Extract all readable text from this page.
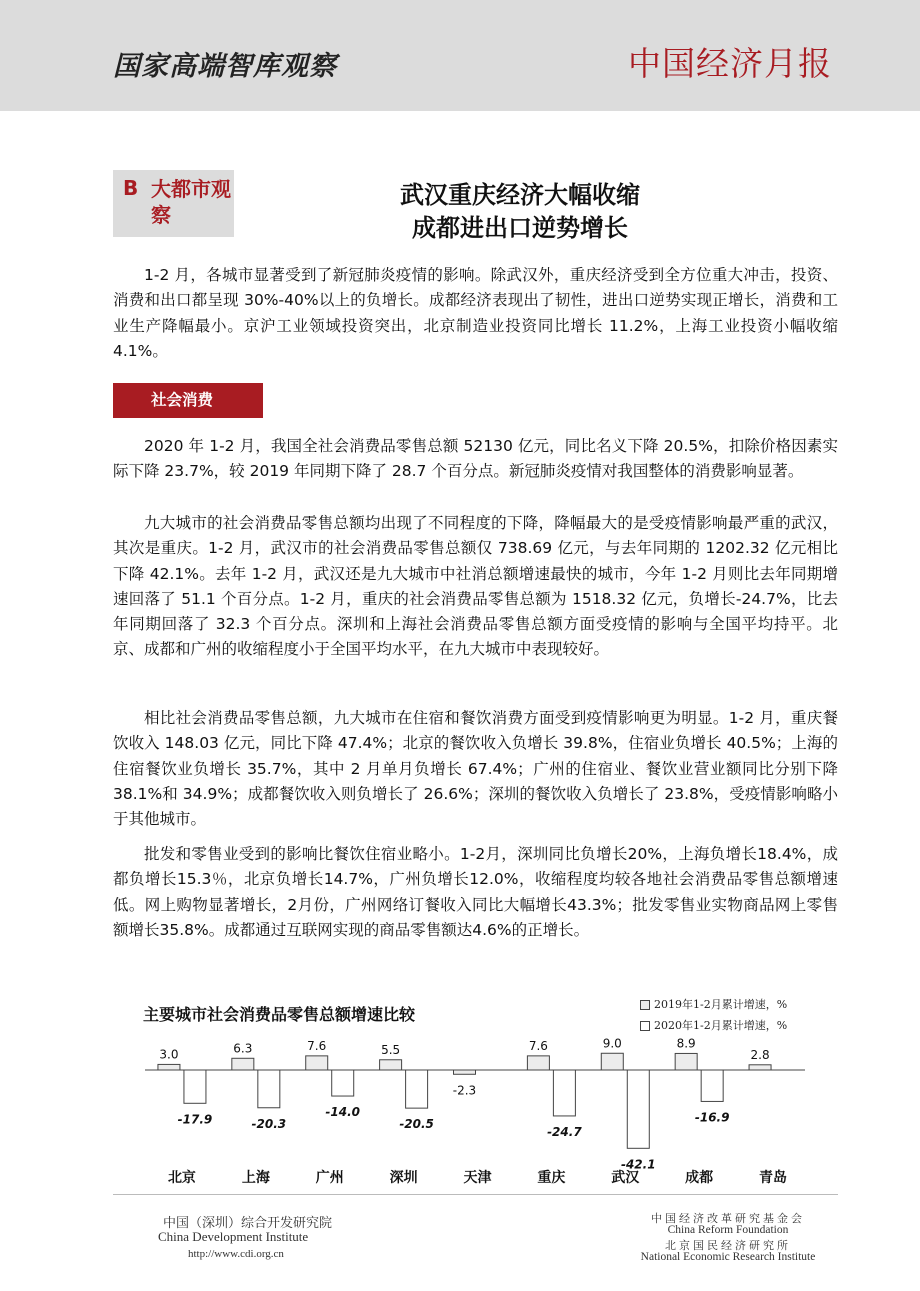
国家高端智库观察	中国经济月报
B 大都市观察
武汉重庆经济大幅收缩
成都进出口逆势增长

1-2 月，各城市显著受到了新冠肺炎疫情的影响。除武汉外，重庆经济受到全方位重大冲击，投资、消费和出口都呈现 30%-40%以上的负增长。成都经济表现出了韧性，进出口逆势实现正增长，消费和工业生产降幅最小。京沪工业领域投资突出，北京制造业投资同比增长 11.2%，上海工业投资小幅收缩 4.1%。

社会消费

2020 年 1-2 月，我国全社会消费品零售总额 52130 亿元，同比名义下降 20.5%，扣除价格因素实际下降 23.7%，较 2019 年同期下降了 28.7 个百分点。新冠肺炎疫情对我国整体的消费影响显著。

九大城市的社会消费品零售总额均出现了不同程度的下降，降幅最大的是受疫情影响最严重的武汉，其次是重庆。1-2 月，武汉市的社会消费品零售总额仅 738.69 亿元，与去年同期的 1202.32 亿元相比下降 42.1%。去年 1-2 月，武汉还是九大城市中社消总额增速最快的城市，今年 1-2 月则比去年同期增速回落了 51.1 个百分点。1-2 月，重庆的社会消费品零售总额为 1518.32 亿元，负增长-24.7%，比去年同期回落了 32.3 个百分点。深圳和上海社会消费品零售总额方面受疫情的影响与全国平均持平。北京、成都和广州的收缩程度小于全国平均水平，在九大城市中表现较好。

相比社会消费品零售总额，九大城市在住宿和餐饮消费方面受到疫情影响更为明显。1-2 月，重庆餐饮收入 148.03 亿元，同比下降 47.4%；北京的餐饮收入负增长 39.8%，住宿业负增长 40.5%；上海的住宿餐饮业负增长 35.7%，其中 2 月单月负增长 67.4%；广州的住宿业、餐饮业营业额同比分别下降 38.1%和 34.9%；成都餐饮收入则负增长了 26.6%；深圳的餐饮收入负增长了 23.8%，受疫情影响略小于其他城市。

批发和零售业受到的影响比餐饮住宿业略小。1-2月，深圳同比负增长20%，上海负增长18.4%，成都负增长15.3％，北京负增长14.7%，广州负增长12.0%，收缩程度均较各地社会消费品零售总额增速低。网上购物显著增长，2月份，广州网络订餐收入同比大幅增长43.3%；批发零售业实物商品网上零售额增长35.8%。成都通过互联网实现的商品零售额达4.6%的正增长。

主要城市社会消费品零售总额增速比较
2019年1-2月累计增速，%
2020年1-2月累计增速，%
3.0
-17.9
北京
6.3
-20.3
上海
7.6
-14.0
广州
5.5
-20.5
深圳
-2.3
天津
7.6
-24.7
重庆
9.0
-42.1
武汉
8.9
-16.9
成都
2.8
青岛
中国（深圳）综合开发研究院
China Development Institute
http://www.cdi.org.cn
中国经济改革研究基金会
China Reform Foundation
北京国民经济研究所
National Economic Research Institute
